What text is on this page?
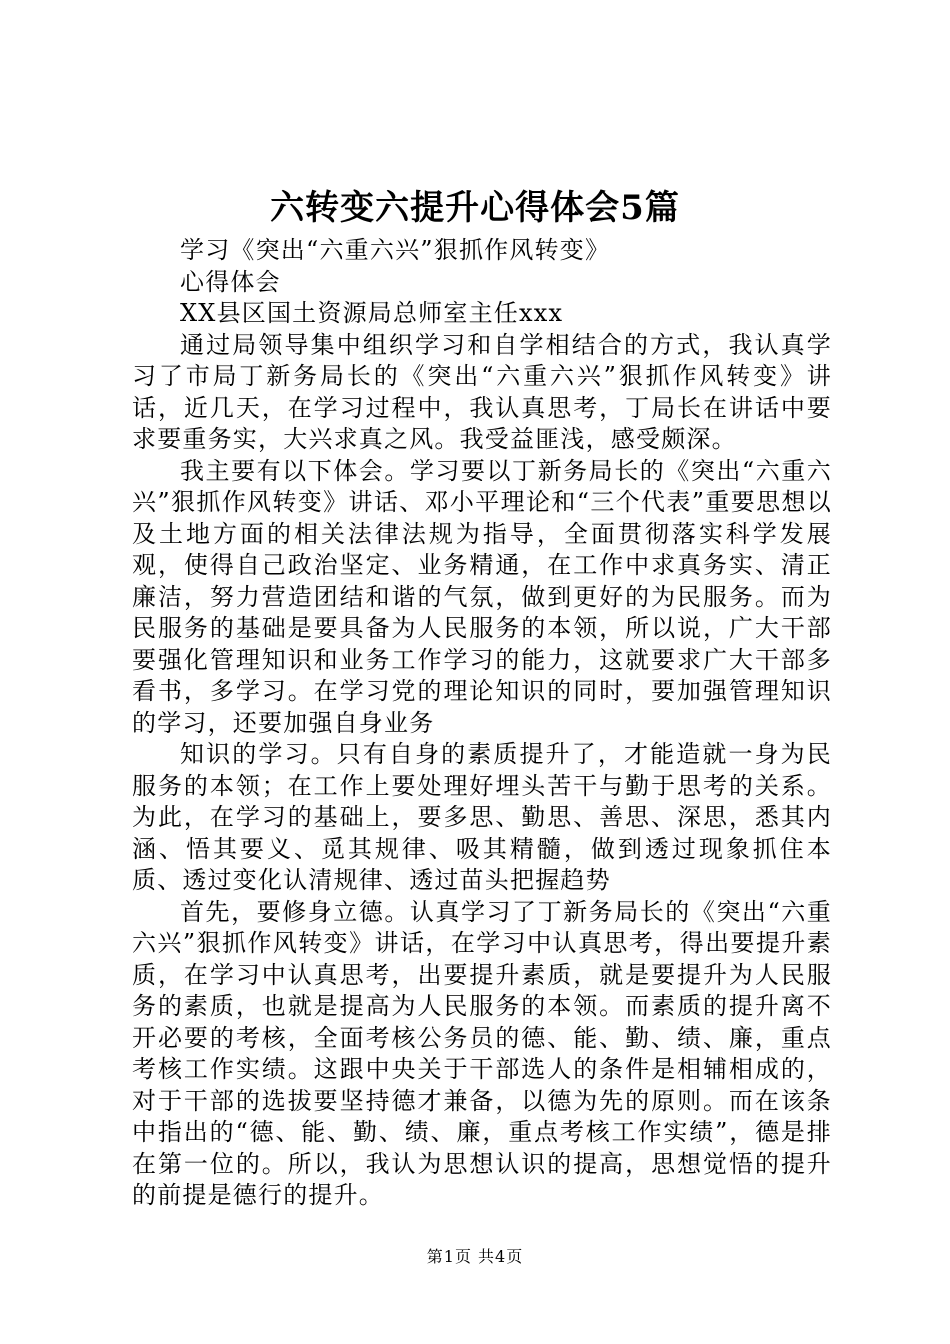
六转变六提升心得体会5篇

学习《突出“六重六兴”狠抓作风转变》

心得体会

XX县区国土资源局总师室主任xxx

通过局领导集中组织学习和自学相结合的方式，我认真学习了市局丁新务局长的《突出“六重六兴”狠抓作风转变》讲话，近几天，在学习过程中，我认真思考，丁局长在讲话中要求要重务实，大兴求真之风。我受益匪浅，感受颇深。

我主要有以下体会。学习要以丁新务局长的《突出“六重六兴”狠抓作风转变》讲话、邓小平理论和“三个代表”重要思想以及土地方面的相关法律法规为指导，全面贯彻落实科学发展观，使得自己政治坚定、业务精通，在工作中求真务实、清正廉洁，努力营造团结和谐的气氛，做到更好的为民服务。而为民服务的基础是要具备为人民服务的本领，所以说，广大干部要强化管理知识和业务工作学习的能力，这就要求广大干部多看书，多学习。在学习党的理论知识的同时，要加强管理知识的学习，还要加强自身业务

知识的学习。只有自身的素质提升了，才能造就一身为民服务的本领；在工作上要处理好埋头苦干与勤于思考的关系。为此，在学习的基础上，要多思、勤思、善思、深思，悉其内涵、悟其要义、觅其规律、吸其精髓，做到透过现象抓住本质、透过变化认清规律、透过苗头把握趋势

首先，要修身立德。认真学习了丁新务局长的《突出“六重六兴”狠抓作风转变》讲话，在学习中认真思考，得出要提升素质，在学习中认真思考，出要提升素质，就是要提升为人民服务的素质，也就是提高为人民服务的本领。而素质的提升离不开必要的考核，全面考核公务员的德、能、勤、绩、廉，重点考核工作实绩。这跟中央关于干部选人的条件是相辅相成的，对于干部的选拔要坚持德才兼备，以德为先的原则。而在该条中指出的“德、能、勤、绩、廉，重点考核工作实绩”，德是排在第一位的。所以，我认为思想认识的提高，思想觉悟的提升的前提是德行的提升。

第1页 共4页
